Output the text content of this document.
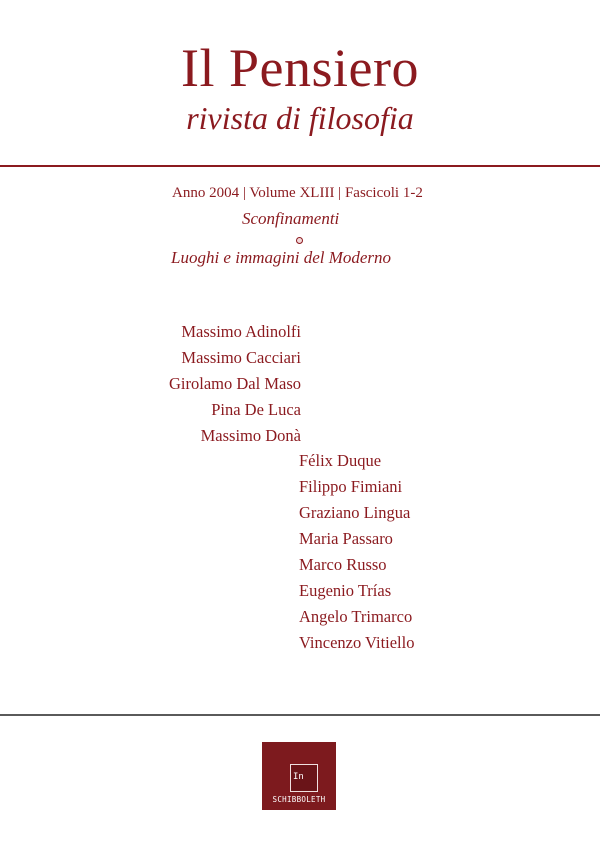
Il Pensiero
rivista di filosofia
Anno 2004 | Volume XLIII | Fascicoli 1-2
Sconfinamenti
Luoghi e immagini del Moderno
Massimo Adinolfi
Massimo Cacciari
Girolamo Dal Maso
Pina De Luca
Massimo Donà
Félix Duque
Filippo Fimiani
Graziano Lingua
Maria Passaro
Marco Russo
Eugenio Trías
Angelo Trimarco
Vincenzo Vitiello
In
SCHIBBOLETH
